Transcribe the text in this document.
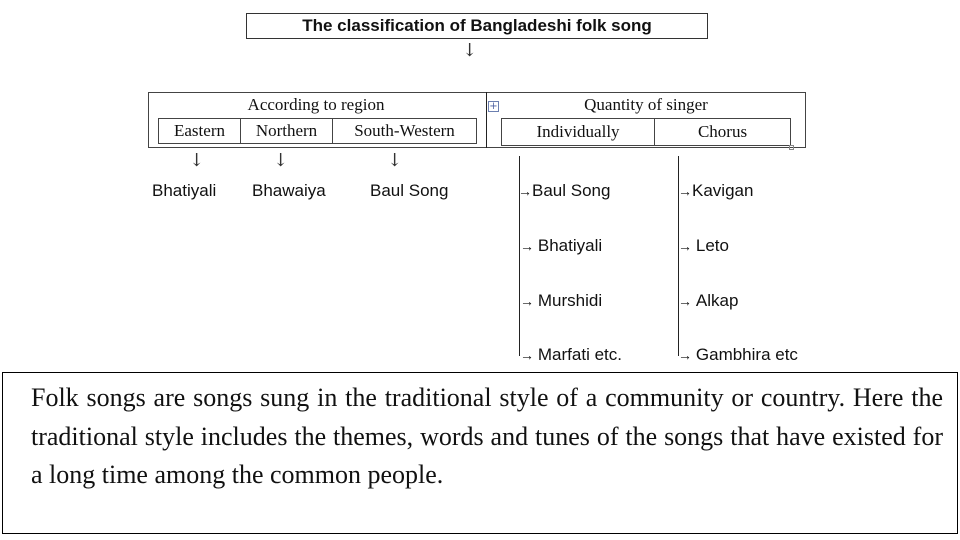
The classification of Bangladeshi folk song
↓
According to region
Eastern	Northern	South-Western
+	Quantity of singer
Individually	Chorus
↓	↓	↓
Bhatiyali Bhawaiya	Baul Song	→Baul Song
→ Bhatiyali
→ Murshidi
→ Marfati etc.
→Kavigan
→ Leto
→ Alkap
→ Gambhira etc
Folk songs are songs sung in the traditional style of a community or country. Here the traditional style includes the themes, words and tunes of the songs that have existed for a long time among the common people.
